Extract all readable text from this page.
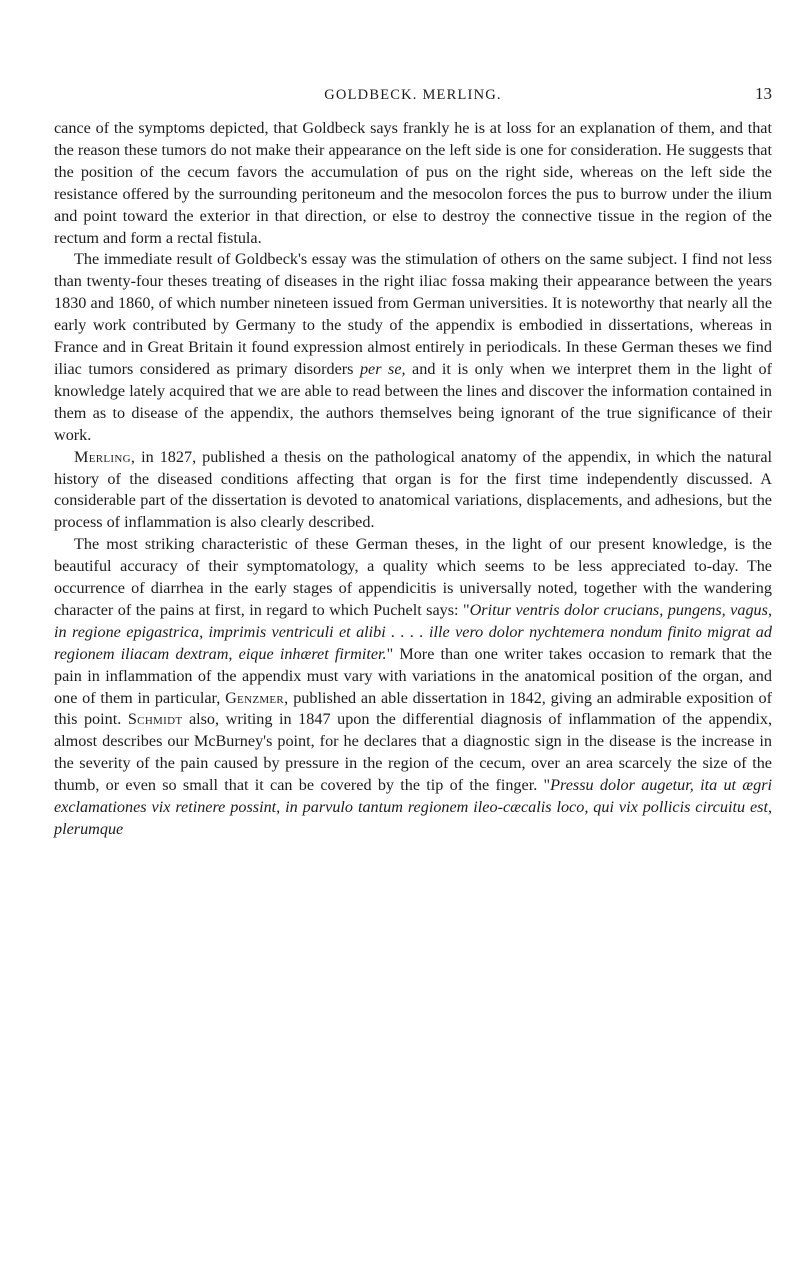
GOLDBECK. MERLING.	13

cance of the symptoms depicted, that Goldbeck says frankly he is at loss for an explanation of them, and that the reason these tumors do not make their appearance on the left side is one for consideration. He suggests that the position of the cecum favors the accumulation of pus on the right side, whereas on the left side the resistance offered by the surrounding peritoneum and the mesocolon forces the pus to burrow under the ilium and point toward the exterior in that direction, or else to destroy the connective tissue in the region of the rectum and form a rectal fistula.

The immediate result of Goldbeck's essay was the stimulation of others on the same subject. I find not less than twenty-four theses treating of diseases in the right iliac fossa making their appearance between the years 1830 and 1860, of which number nineteen issued from German universities. It is noteworthy that nearly all the early work contributed by Germany to the study of the appendix is embodied in dissertations, whereas in France and in Great Britain it found expression almost entirely in periodicals. In these German theses we find iliac tumors considered as primary disorders per se, and it is only when we interpret them in the light of knowledge lately acquired that we are able to read between the lines and discover the information contained in them as to disease of the appendix, the authors themselves being ignorant of the true significance of their work.

Merling, in 1827, published a thesis on the pathological anatomy of the appendix, in which the natural history of the diseased conditions affecting that organ is for the first time independently discussed. A considerable part of the dissertation is devoted to anatomical variations, displacements, and adhesions, but the process of inflammation is also clearly described.

The most striking characteristic of these German theses, in the light of our present knowledge, is the beautiful accuracy of their symptomatology, a quality which seems to be less appreciated to-day. The occurrence of diarrhea in the early stages of appendicitis is universally noted, together with the wandering character of the pains at first, in regard to which Puchelt says: "Oritur ventris dolor crucians, pungens, vagus, in regione epigastrica, imprimis ventriculi et alibi . . . . ille vero dolor nychtemera nondum finito migrat ad regionem iliacam dextram, eique inhæret firmiter." More than one writer takes occasion to remark that the pain in inflammation of the appendix must vary with variations in the anatomical position of the organ, and one of them in particular, Genzmer, published an able dissertation in 1842, giving an admirable exposition of this point. Schmidt also, writing in 1847 upon the differential diagnosis of inflammation of the appendix, almost describes our McBurney's point, for he declares that a diagnostic sign in the disease is the increase in the severity of the pain caused by pressure in the region of the cecum, over an area scarcely the size of the thumb, or even so small that it can be covered by the tip of the finger. "Pressu dolor augetur, ita ut ægri exclamationes vix retinere possint, in parvulo tantum regionem ileo-cæcalis loco, qui vix pollicis circuitu est, plerumque
